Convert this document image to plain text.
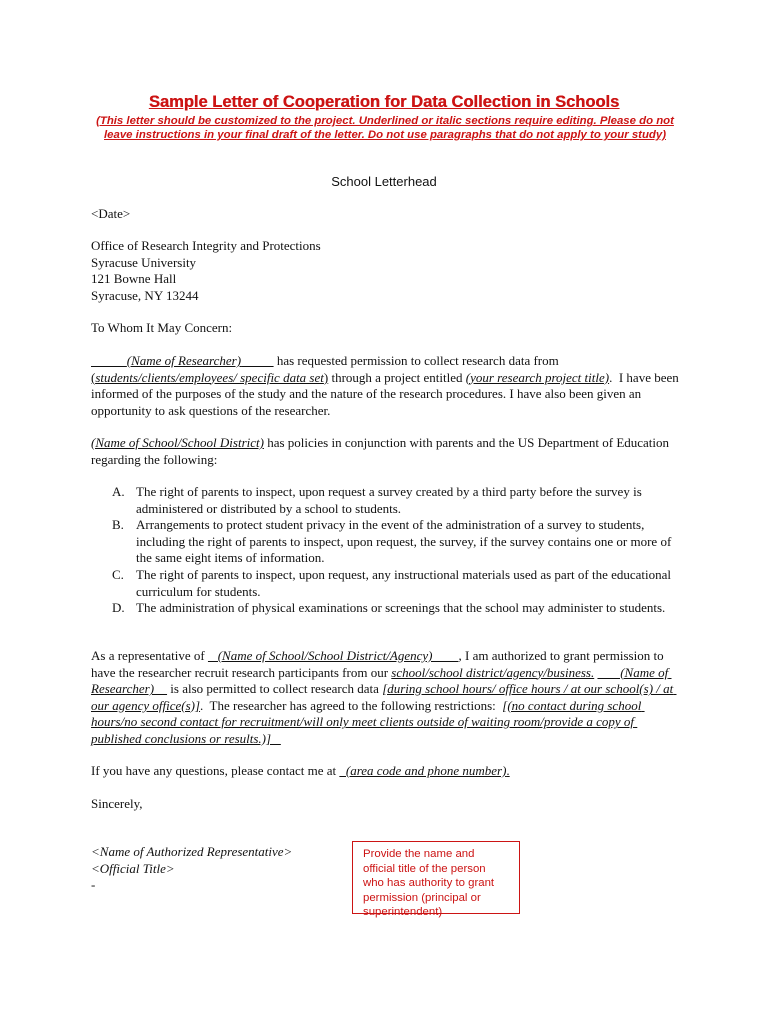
Sample Letter of Cooperation for Data Collection in Schools
(This letter should be customized to the project. Underlined or italic sections require editing. Please do not leave instructions in your final draft of the letter. Do not use paragraphs that do not apply to your study)
School Letterhead
<Date>
Office of Research Integrity and Protections
Syracuse University
121 Bowne Hall
Syracuse, NY 13244
To Whom It May Concern:
(Name of Researcher)	has requested permission to collect research data from (students/clients/employees/ specific data set) through a project entitled (your research project title).  I have been informed of the purposes of the study and the nature of the research procedures. I have also been given an opportunity to ask questions of the researcher.
(Name of School/School District) has policies in conjunction with parents and the US Department of Education regarding the following:
A. The right of parents to inspect, upon request a survey created by a third party before the survey is administered or distributed by a school to students.
B. Arrangements to protect student privacy in the event of the administration of a survey to students, including the right of parents to inspect, upon request, the survey, if the survey contains one or more of the same eight items of information.
C. The right of parents to inspect, upon request, any instructional materials used as part of the educational curriculum for students.
D. The administration of physical examinations or screenings that the school may administer to students.
As a representative of    (Name of School/School District/Agency)        , I am authorized to grant permission to have the researcher recruit research participants from our school/school district/agency/business.        (Name of Researcher)     is also permitted to collect research data [during school hours/ office hours / at our school(s) / at our agency office(s)].  The researcher has agreed to the following restrictions:  [(no contact during school hours/no second contact for recruitment/will only meet clients outside of waiting room/provide a copy of published conclusions or results.)]
If you have any questions, please contact me at   (area code and phone number).
Sincerely,
<Name of Authorized Representative>
<Official Title>
-
Provide the name and official title of the person who has authority to grant permission (principal or superintendent)
